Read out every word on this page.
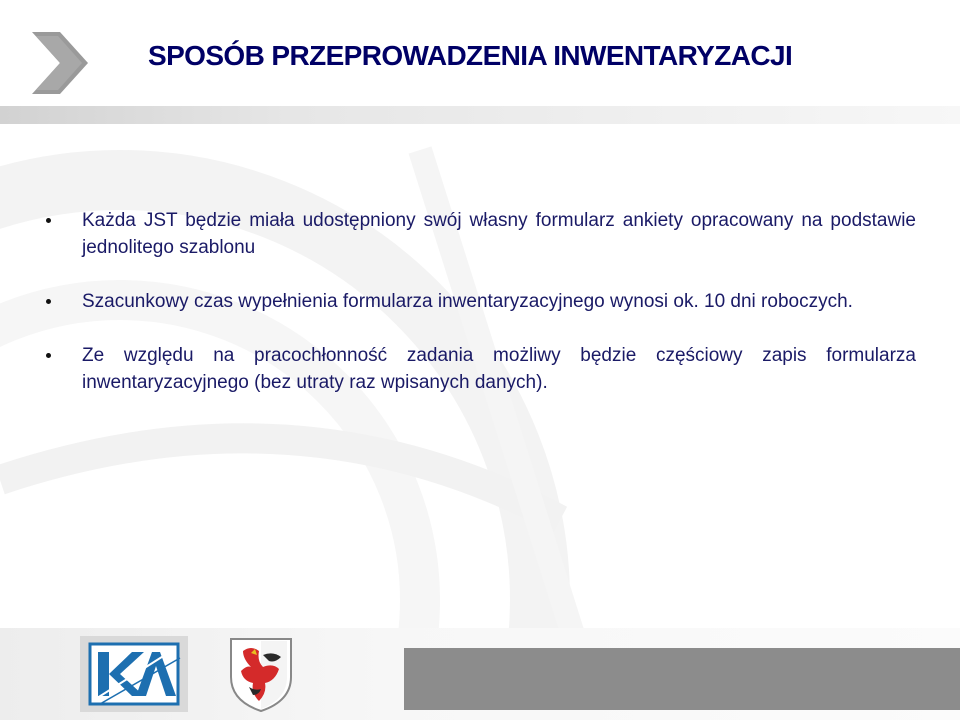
SPOSÓB PRZEPROWADZENIA INWENTARYZACJI
Każda JST będzie miała udostępniony swój własny formularz ankiety opracowany na podstawie jednolitego szablonu
Szacunkowy czas wypełnienia formularza inwentaryzacyjnego wynosi ok. 10 dni roboczych.
Ze względu na pracochłonność zadania możliwy będzie częściowy zapis formularza inwentaryzacyjnego (bez utraty raz wpisanych danych).
